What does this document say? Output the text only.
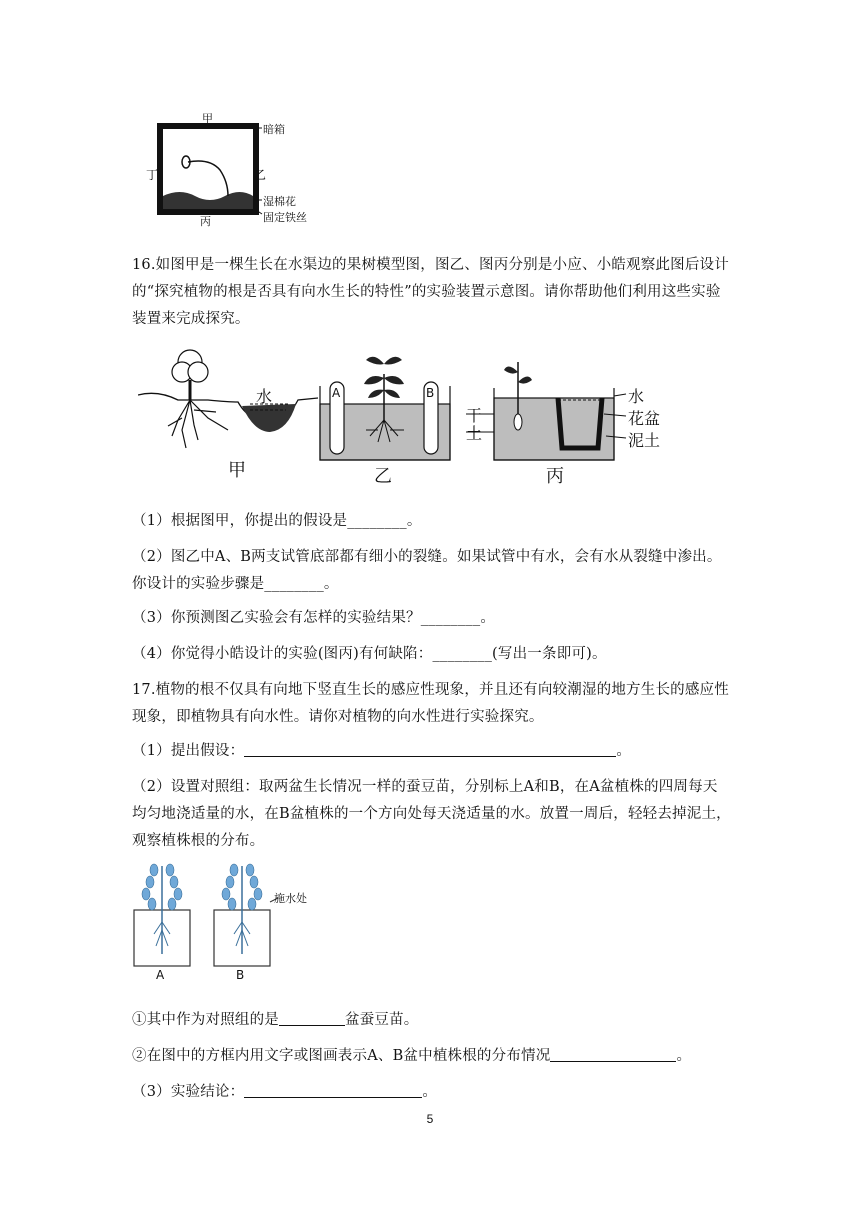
甲
乙
丁
丙
暗箱
湿棉花
固定铁丝
16.如图甲是一棵生长在水渠边的果树模型图，图乙、图丙分别是小应、小皓观察此图后设计的“探究植物的根是否具有向水生长的特性”的实验装置示意图。请你帮助他们利用这些实验装置来完成探究。
水
甲
A	B
乙
干
土
水
花盆
泥土
丙
（1）根据图甲，你提出的假设是________。
（2）图乙中A、B两支试管底部都有细小的裂缝。如果试管中有水，会有水从裂缝中渗出。你设计的实验步骤是________。
（3）你预测图乙实验会有怎样的实验结果？________。
（4）你觉得小皓设计的实验(图丙)有何缺陷：________(写出一条即可)。
17.植物的根不仅具有向地下竖直生长的感应性现象，并且还有向较潮湿的地方生长的感应性现象，即植物具有向水性。请你对植物的向水性进行实验探究。
（1）提出假设：	。
（2）设置对照组：取两盆生长情况一样的蚕豆苗，分别标上A和B，在A盆植株的四周每天均匀地浇适量的水，在B盆植株的一个方向处每天浇适量的水。放置一周后，轻轻去掉泥土，观察植株根的分布。
A	B
施水处
①其中作为对照组的是	盆蚕豆苗。
②在图中的方框内用文字或图画表示A、B盆中植株根的分布情况	。
（3）实验结论：	。
5
